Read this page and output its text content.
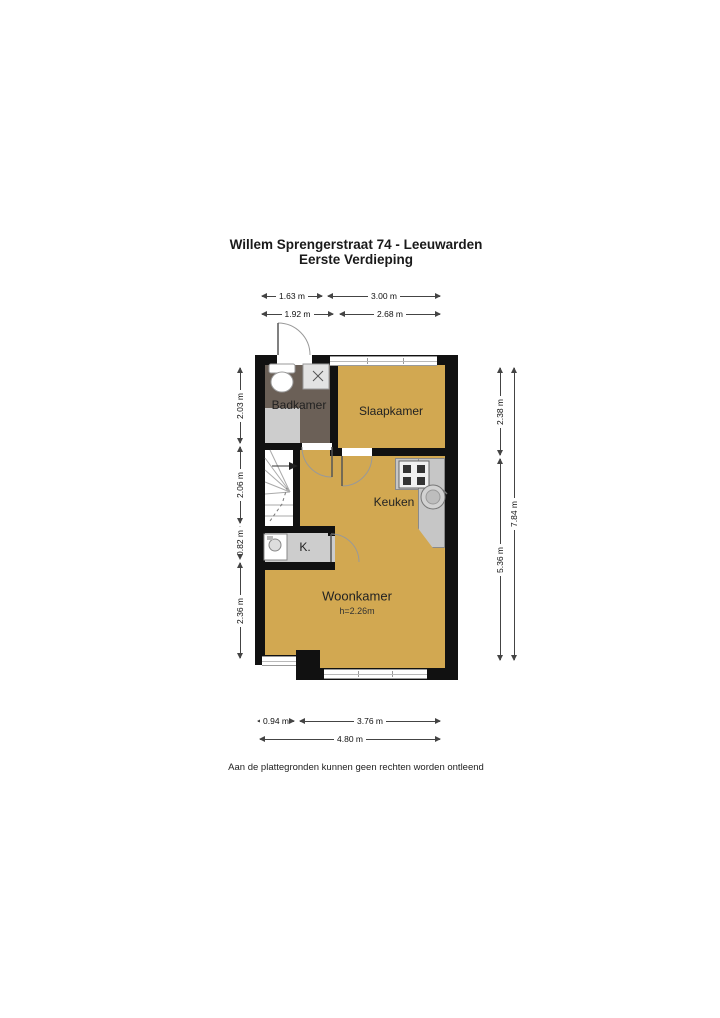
Willem Sprengerstraat 74 - Leeuwarden
Eerste Verdieping
Badkamer	Slaapkamer
Keuken
Woonkamer
h=2.26m
K.
1.63 m	3.00 m
1.92 m	2.68 m
0.94 m	3.76 m
4.80 m
2.03 m
2.06 m
0.82 m
2.36 m
2.38 m
5.36 m
7.84 m
Aan de plattegronden kunnen geen rechten worden ontleend
